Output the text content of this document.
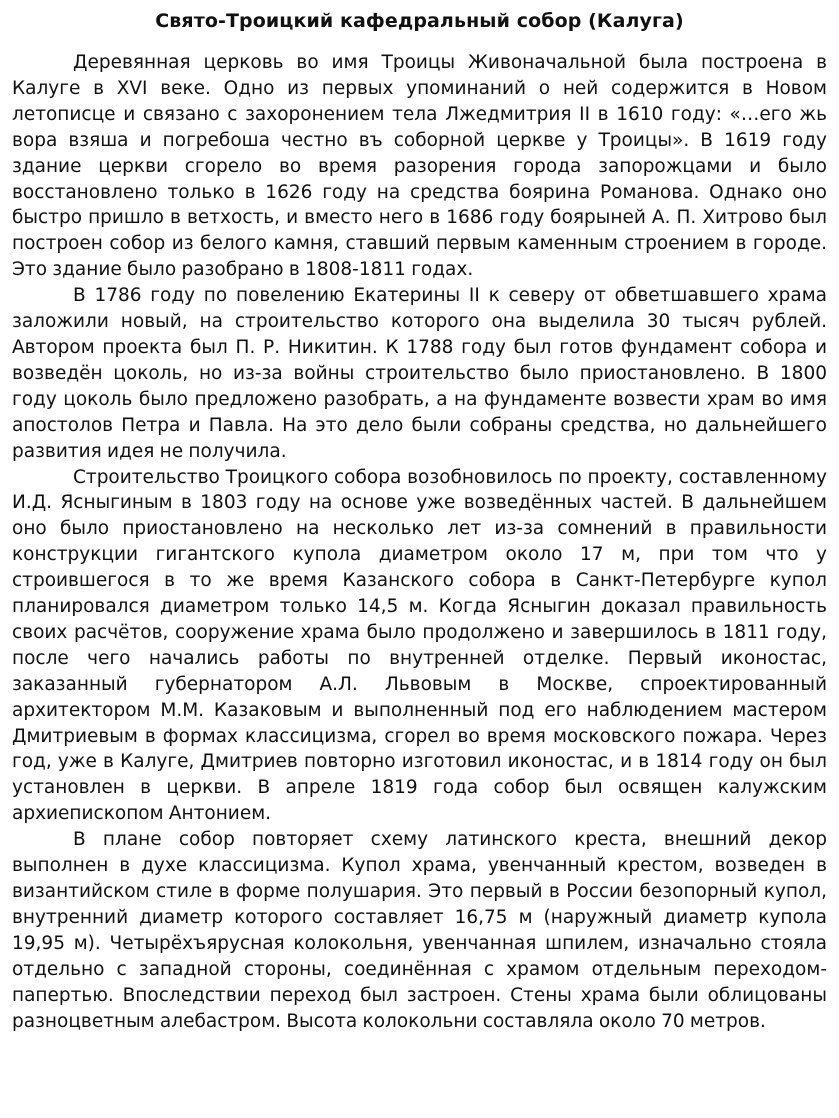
Свято-Троицкий кафедральный собор (Калуга)

Деревянная церковь во имя Троицы Живоначальной была построена в Калуге в XVI веке. Одно из первых упоминаний о ней содержится в Новом летописце и связано с захоронением тела Лжедмитрия II в 1610 году: «…его жь вора взяша и погребоша честно въ соборной церкве у Троицы». В 1619 году здание церкви сгорело во время разорения города запорожцами и было восстановлено только в 1626 году на средства боярина Романова. Однако оно быстро пришло в ветхость, и вместо него в 1686 году боярыней А. П. Хитрово был построен собор из белого камня, ставший первым каменным строением в городе. Это здание было разобрано в 1808-1811 годах.

В 1786 году по повелению Екатерины II к северу от обветшавшего храма заложили новый, на строительство которого она выделила 30 тысяч рублей. Автором проекта был П. Р. Никитин. К 1788 году был готов фундамент собора и возведён цоколь, но из-за войны строительство было приостановлено. В 1800 году цоколь было предложено разобрать, а на фундаменте возвести храм во имя апостолов Петра и Павла. На это дело были собраны средства, но дальнейшего развития идея не получила.

Строительство Троицкого собора возобновилось по проекту, составленному И.Д. Ясныгиным в 1803 году на основе уже возведённых частей. В дальнейшем оно было приостановлено на несколько лет из-за сомнений в правильности конструкции гигантского купола диаметром около 17 м, при том что у строившегося в то же время Казанского собора в Санкт-Петербурге купол планировался диаметром только 14,5 м. Когда Ясныгин доказал правильность своих расчётов, сооружение храма было продолжено и завершилось в 1811 году, после чего начались работы по внутренней отделке. Первый иконостас, заказанный губернатором А.Л. Львовым в Москве, спроектированный архитектором М.М. Казаковым и выполненный под его наблюдением мастером Дмитриевым в формах классицизма, сгорел во время московского пожара. Через год, уже в Калуге, Дмитриев повторно изготовил иконостас, и в 1814 году он был установлен в церкви. В апреле 1819 года собор был освящен калужским архиепископом Антонием.

В плане собор повторяет схему латинского креста, внешний декор выполнен в духе классицизма. Купол храма, увенчанный крестом, возведен в византийском стиле в форме полушария. Это первый в России безопорный купол, внутренний диаметр которого составляет 16,75 м (наружный диаметр купола 19,95 м). Четырёхъярусная колокольня, увенчанная шпилем, изначально стояла отдельно с западной стороны, соединённая с храмом отдельным переходом-папертью. Впоследствии переход был застроен. Стены храма были облицованы разноцветным алебастром. Высота колокольни составляла около 70 метров.
